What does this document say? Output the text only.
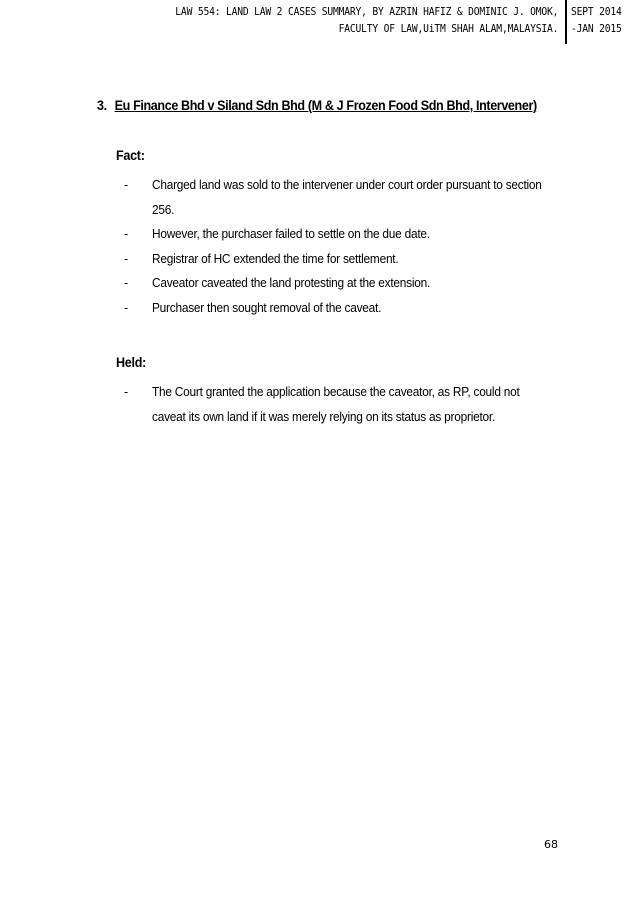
LAW 554: LAND LAW 2 CASES SUMMARY, BY AZRIN HAFIZ & DOMINIC J. OMOK,
FACULTY OF LAW,UiTM SHAH ALAM,MALAYSIA.
SEPT 2014
-JAN 2015
3. Eu Finance Bhd v Siland Sdn Bhd (M & J Frozen Food Sdn Bhd, Intervener)
Fact:
- Charged land was sold to the intervener under court order pursuant to section 256.
- However, the purchaser failed to settle on the due date.
- Registrar of HC extended the time for settlement.
- Caveator caveated the land protesting at the extension.
- Purchaser then sought removal of the caveat.
Held:
- The Court granted the application because the caveator, as RP, could not caveat its own land if it was merely relying on its status as proprietor.
68
